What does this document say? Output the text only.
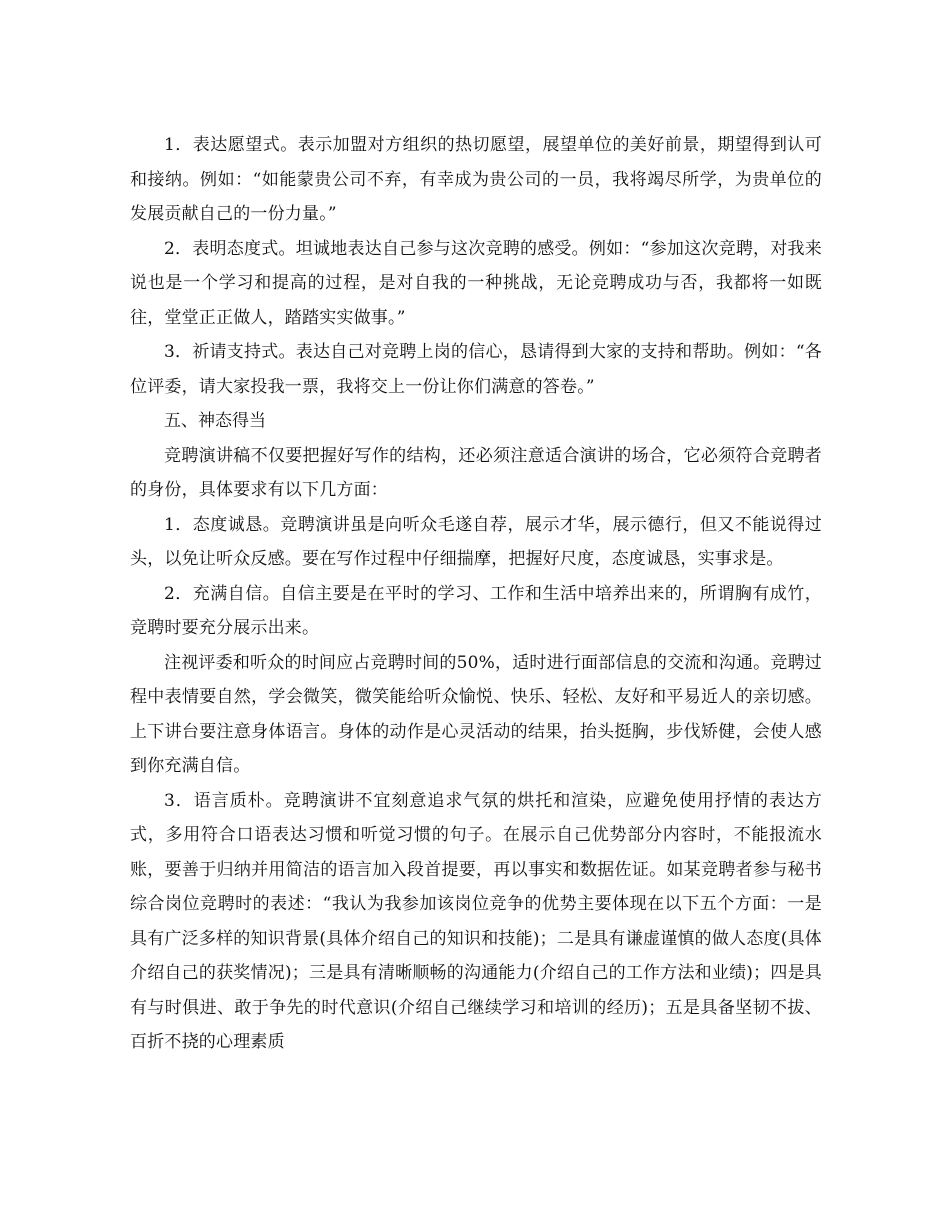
1．表达愿望式。表示加盟对方组织的热切愿望，展望单位的美好前景，期望得到认可和接纳。例如：“如能蒙贵公司不弃，有幸成为贵公司的一员，我将竭尽所学，为贵单位的发展贡献自己的一份力量。”

2．表明态度式。坦诚地表达自己参与这次竞聘的感受。例如：“参加这次竞聘，对我来说也是一个学习和提高的过程，是对自我的一种挑战，无论竞聘成功与否，我都将一如既往，堂堂正正做人，踏踏实实做事。”

3．祈请支持式。表达自己对竞聘上岗的信心，恳请得到大家的支持和帮助。例如：“各位评委，请大家投我一票，我将交上一份让你们满意的答卷。”

五、神态得当

竞聘演讲稿不仅要把握好写作的结构，还必须注意适合演讲的场合，它必须符合竞聘者的身份，具体要求有以下几方面：

1．态度诚恳。竞聘演讲虽是向听众毛遂自荐，展示才华，展示德行，但又不能说得过头，以免让听众反感。要在写作过程中仔细揣摩，把握好尺度，态度诚恳，实事求是。

2．充满自信。自信主要是在平时的学习、工作和生活中培养出来的，所谓胸有成竹，竞聘时要充分展示出来。

注视评委和听众的时间应占竞聘时间的50%，适时进行面部信息的交流和沟通。竞聘过程中表情要自然，学会微笑，微笑能给听众愉悦、快乐、轻松、友好和平易近人的亲切感。上下讲台要注意身体语言。身体的动作是心灵活动的结果，抬头挺胸，步伐矫健，会使人感到你充满自信。

3．语言质朴。竞聘演讲不宜刻意追求气氛的烘托和渲染，应避免使用抒情的表达方式，多用符合口语表达习惯和听觉习惯的句子。在展示自己优势部分内容时，不能报流水账，要善于归纳并用简洁的语言加入段首提要，再以事实和数据佐证。如某竞聘者参与秘书综合岗位竞聘时的表述：“我认为我参加该岗位竞争的优势主要体现在以下五个方面：一是具有广泛多样的知识背景(具体介绍自己的知识和技能)；二是具有谦虚谨慎的做人态度(具体介绍自己的获奖情况)；三是具有清晰顺畅的沟通能力(介绍自己的工作方法和业绩)；四是具有与时俱进、敢于争先的时代意识(介绍自己继续学习和培训的经历)；五是具备坚韧不拔、百折不挠的心理素质
